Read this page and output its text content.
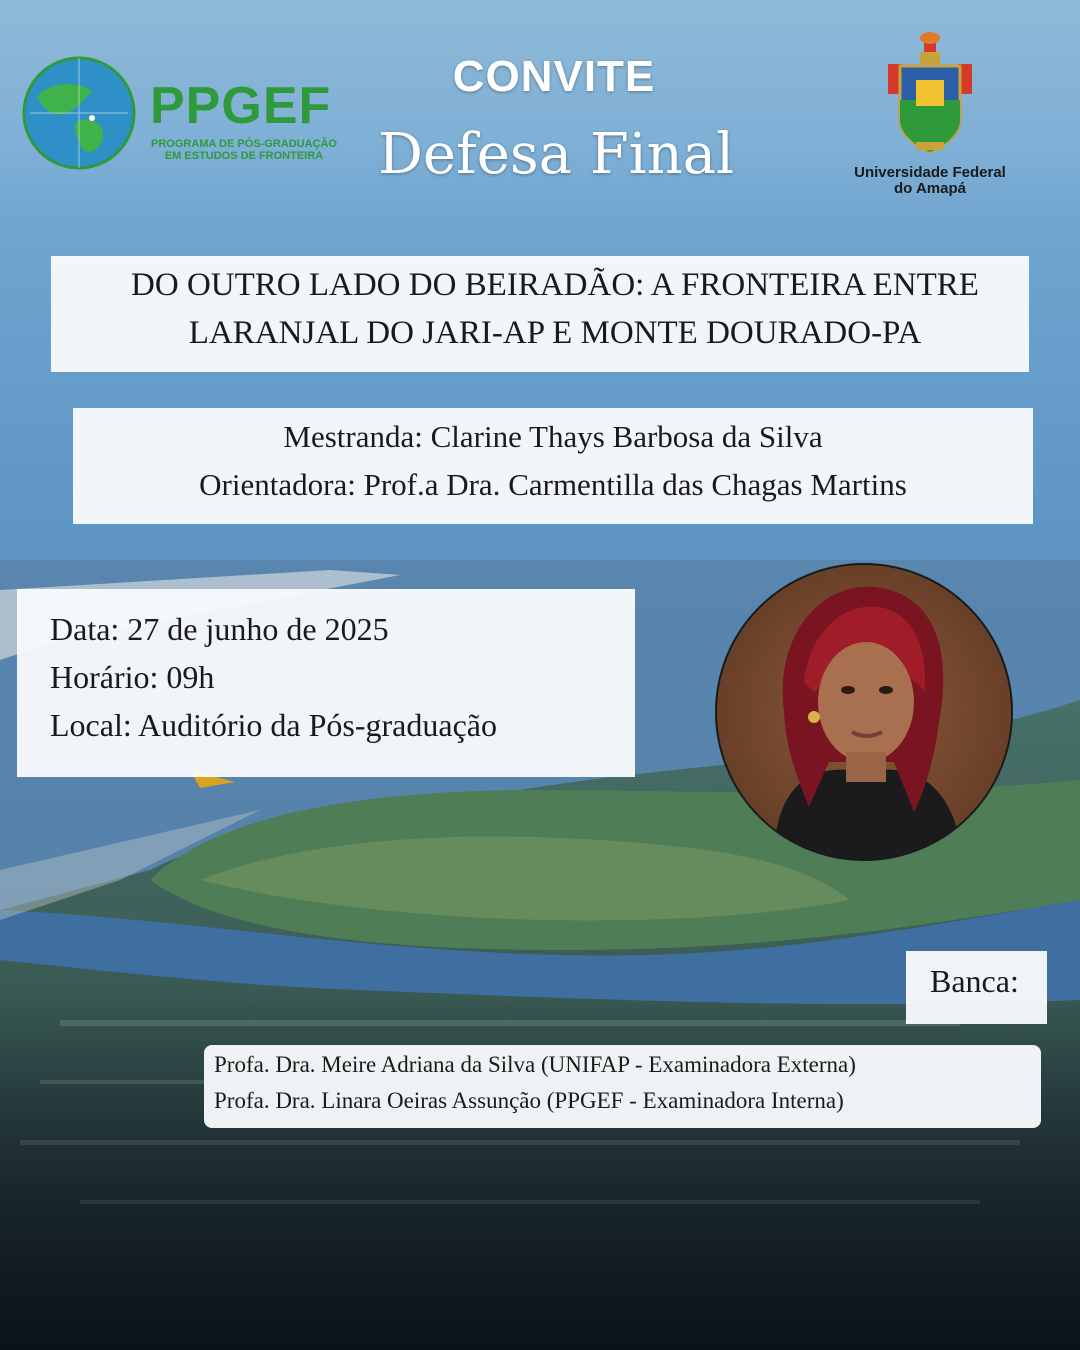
PPGEF
PROGRAMA DE PÓS-GRADUAÇÃO
EM ESTUDOS DE FRONTEIRA
CONVITE
Defesa Final	Universidade Federal
do Amapá
DO OUTRO LADO DO BEIRADÃO: A FRONTEIRA ENTRE
LARANJAL DO JARI-AP E MONTE DOURADO-PA
Mestranda: Clarine Thays Barbosa da Silva
Orientadora: Prof.a Dra. Carmentilla das Chagas Martins
Data: 27 de junho de 2025
Horário: 09h
Local: Auditório da Pós-graduação
Banca:
Profa. Dra. Meire Adriana da Silva (UNIFAP - Examinadora Externa)
Profa. Dra. Linara Oeiras Assunção (PPGEF - Examinadora Interna)
